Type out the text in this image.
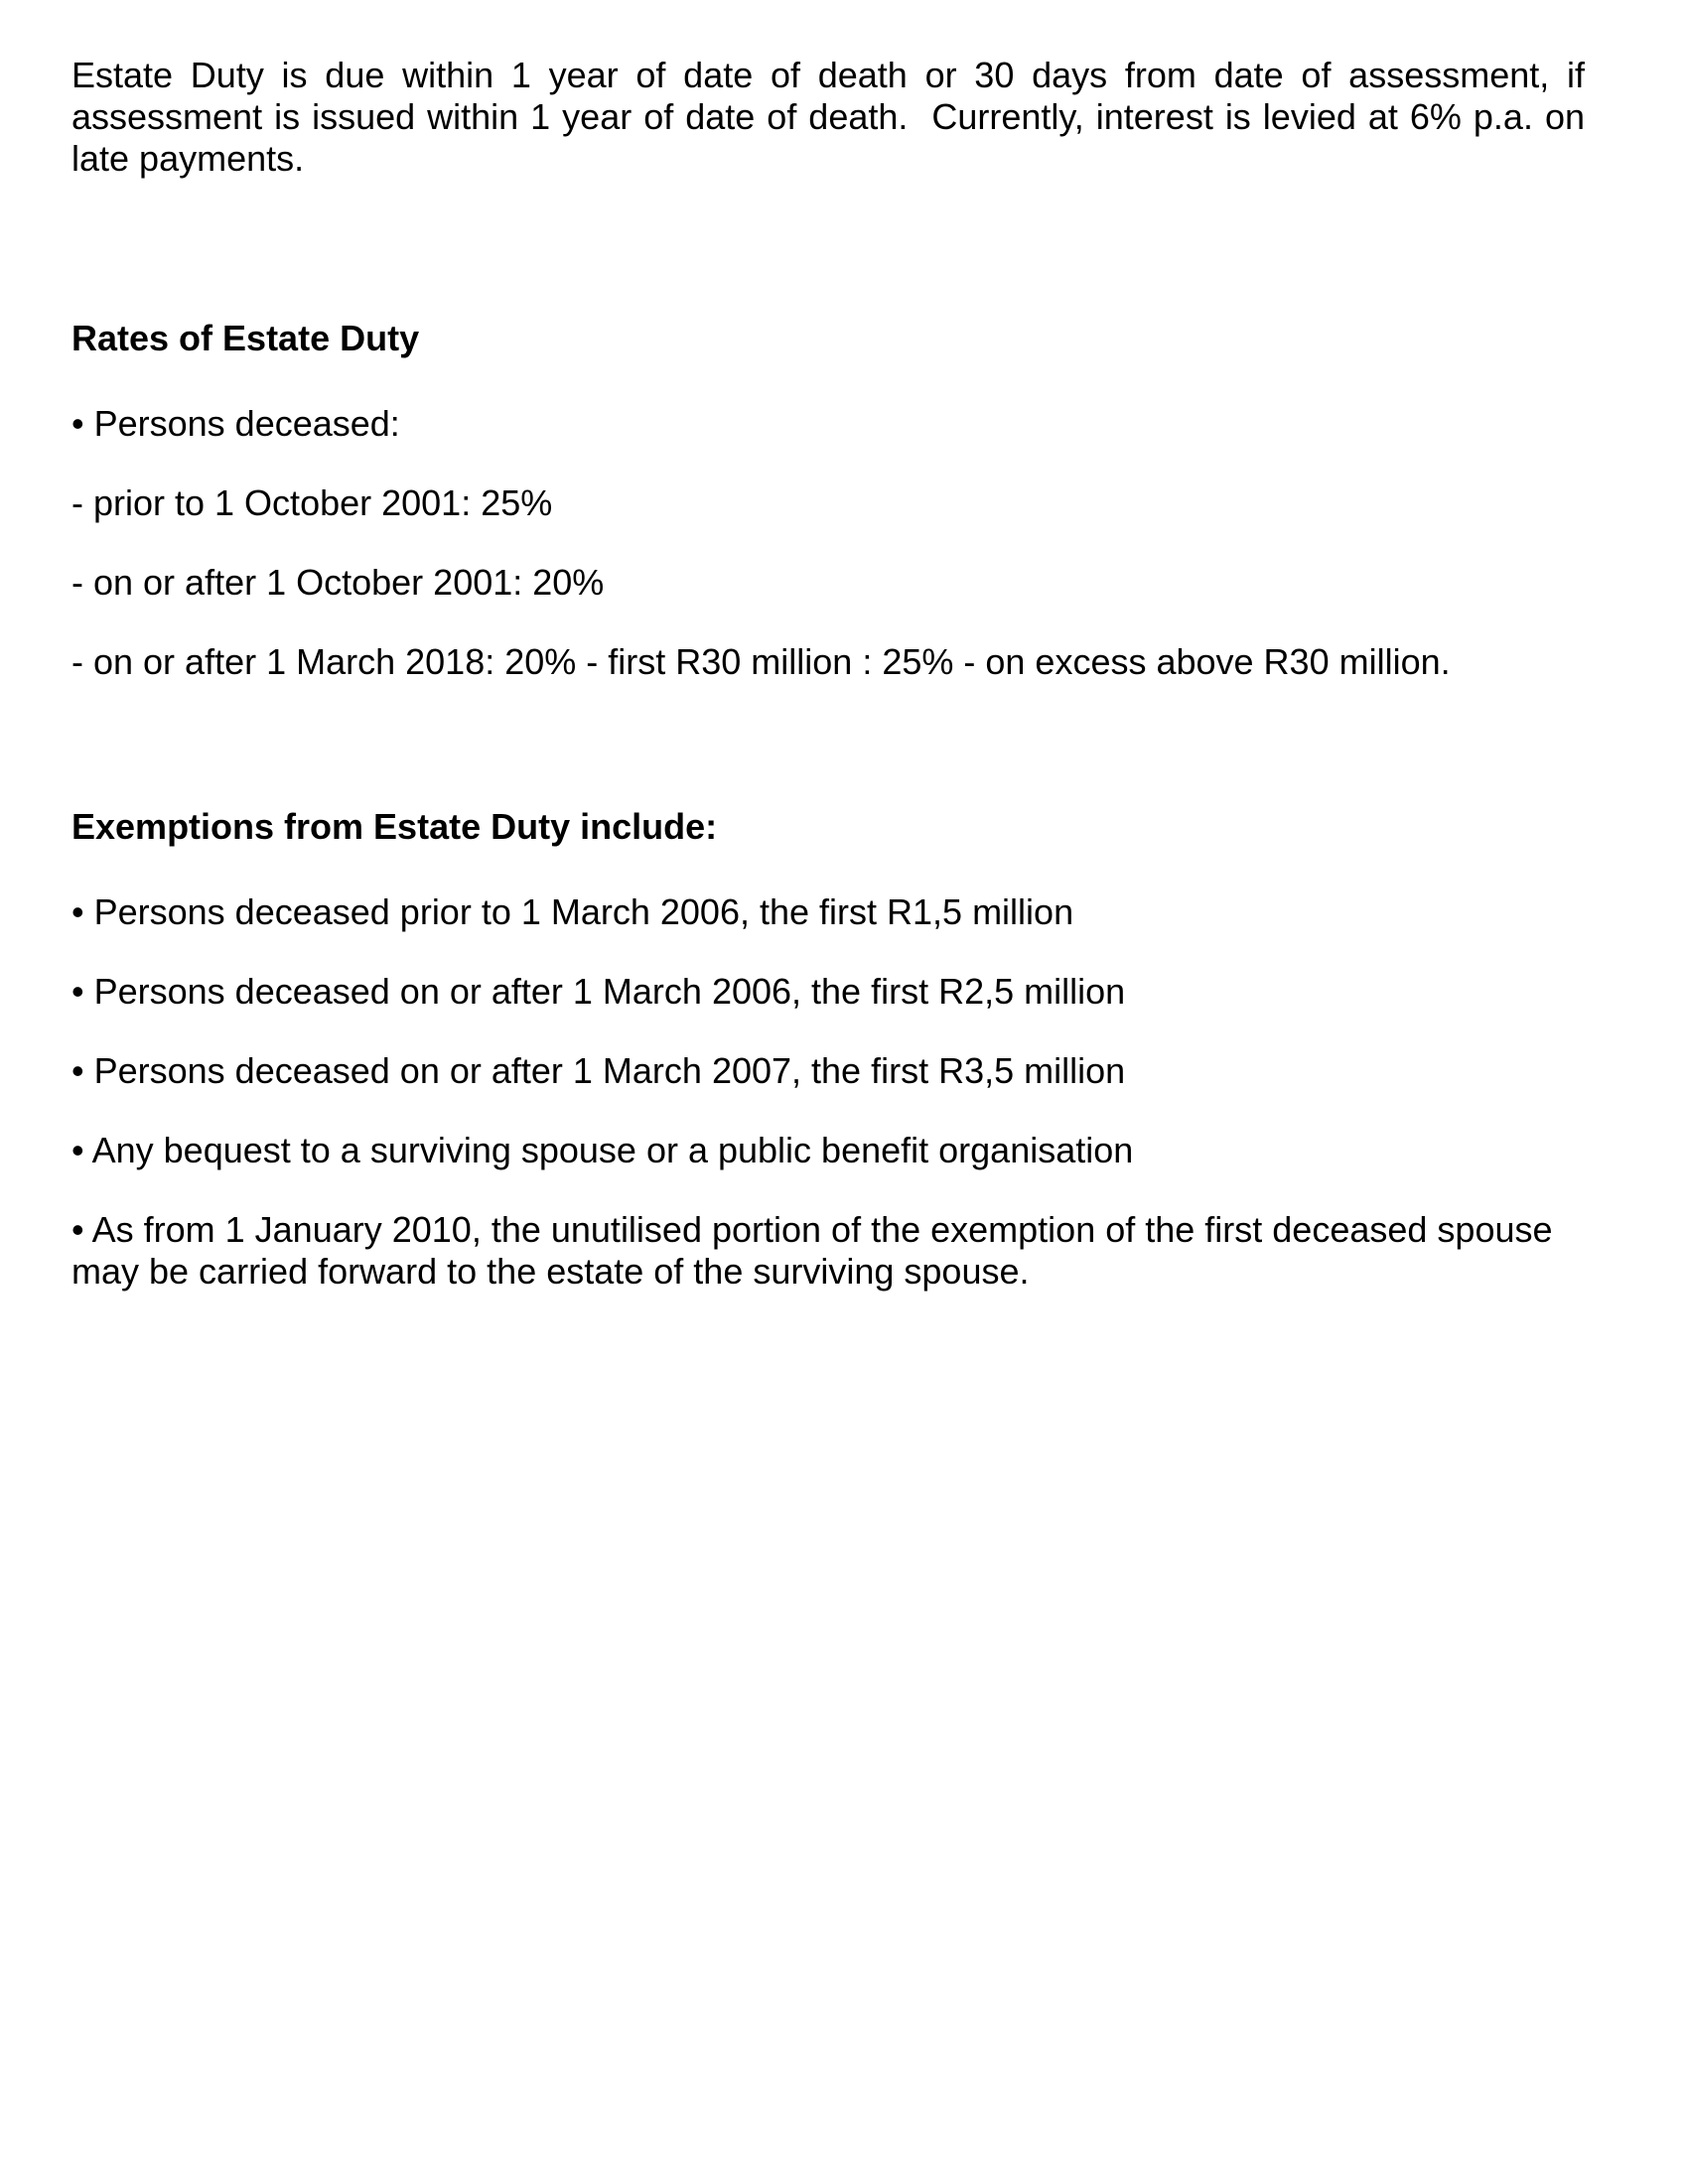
Estate Duty is due within 1 year of date of death or 30 days from date of assessment, if assessment is issued within 1 year of date of death.  Currently, interest is levied at 6% p.a. on late payments.

Rates of Estate Duty

• Persons deceased:

- prior to 1 October 2001: 25%

- on or after 1 October 2001: 20%

- on or after 1 March 2018: 20% - first R30 million : 25% - on excess above R30 million.

Exemptions from Estate Duty include:

• Persons deceased prior to 1 March 2006, the first R1,5 million

• Persons deceased on or after 1 March 2006, the first R2,5 million

• Persons deceased on or after 1 March 2007, the first R3,5 million

• Any bequest to a surviving spouse or a public benefit organisation

• As from 1 January 2010, the unutilised portion of the exemption of the first deceased spouse may be carried forward to the estate of the surviving spouse.
